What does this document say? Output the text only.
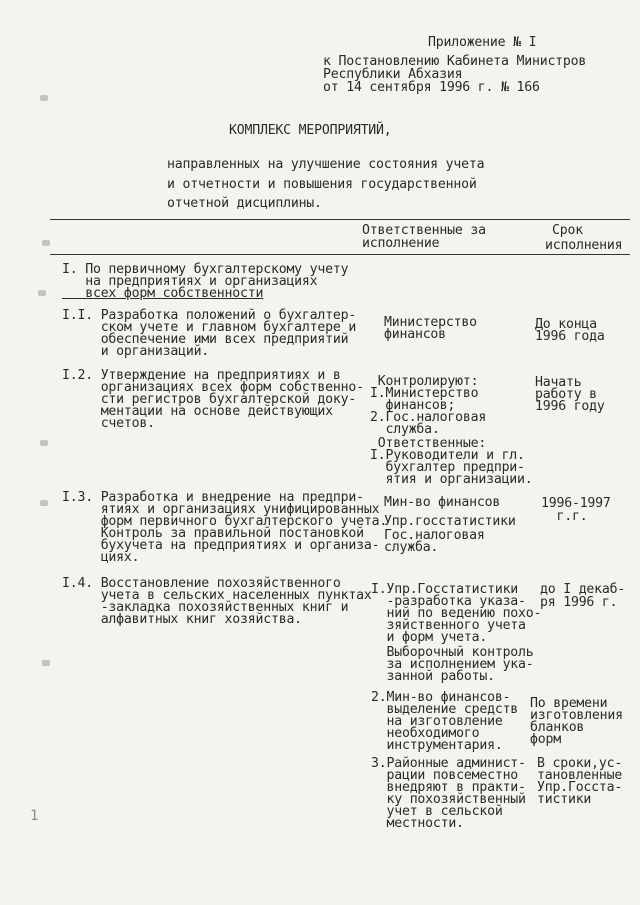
1
Приложение № I
к Постановлению Кабинета Министров
Республики Абхазия
от 14 сентября 1996 г. № 166
КОМПЛЕКС МЕРОПРИЯТИЙ,
направленных на улучшение состояния учета
и отчетности и повышения государственной
отчетной дисциплины.
Ответственные за
исполнение
Срок
исполнения
I. По первичному бухгалтерскому учету
на предприятиях и организациях
всех форм собственности
I.I. Разработка положений о бухгалтер-
ском учете и главном бухгалтере и
обеспечение ими всех предприятий
и организаций.
Министерство
финансов
До конца
1996 года
I.2. Утверждение на предприятиях и в
организациях всех форм собственно-
сти регистров бухгалтерской доку-
ментации на основе действующих
счетов.
Контролируют:
I.Министерство
финансов;
2.Гос.налоговая
служба.
Ответственные:
I.Руководители и гл.
бухгалтер предпри-
ятия и организации.
Начать
работу в
1996 году
I.3. Разработка и внедрение на предпри-
ятиях и организациях унифицированных
форм первичного бухгалтерского учета.
Контроль за правильной постановкой
бухучета на предприятиях и организа-
циях.
Мин-во финансов
Упр.госстатистики
Гос.налоговая
служба.
1996-1997
г.г.
I.4. Восстановление похозяйственного
учета в сельских населенных пунктах
-закладка похозяйственных книг и
алфавитных книг хозяйства.
I.Упр.Госстатистики
-разработка указа-
ний по ведению похо-
зяйственного учета
и форм учета.
Выборочный контроль
за исполнением ука-
занной работы.
2.Мин-во финансов-
выделение средств
на изготовление
необходимого
инструментария.
3.Районные админист-
рации повсеместно
внедряют в практи-
ку похозяйственный
учет в сельской
местности.
до I декаб-
ря 1996 г.
По времени
изготовления
бланков
форм
В сроки,ус-
тановленные
Упр.Госста-
тистики
